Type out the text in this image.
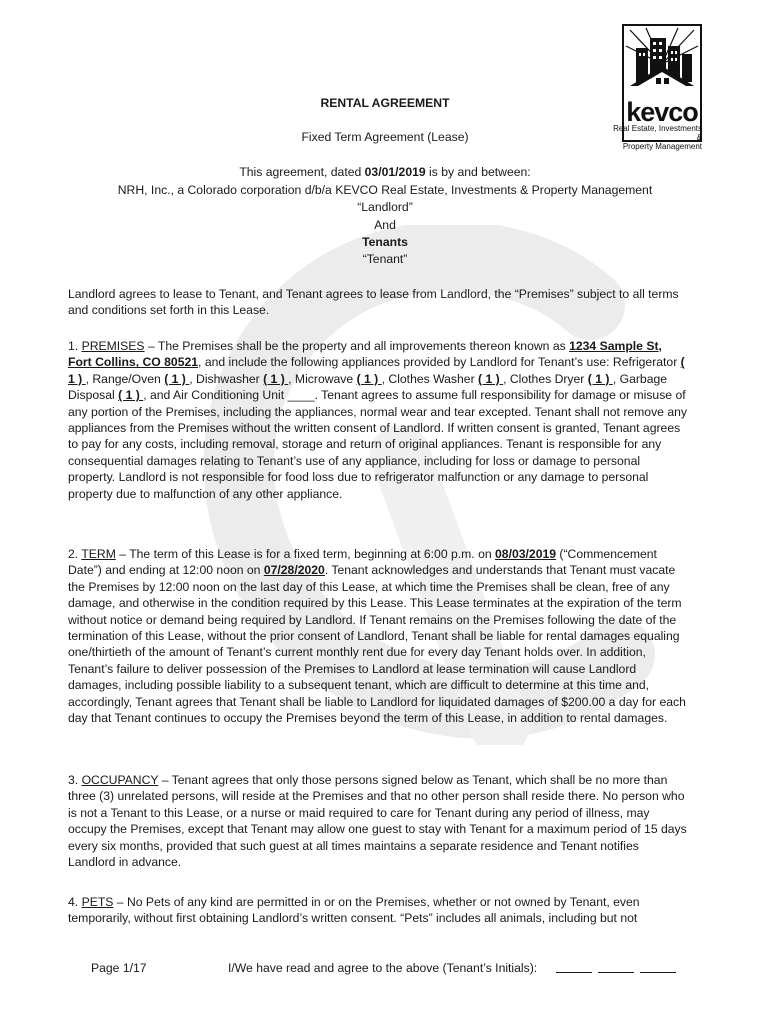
kevco
Real Estate, Investments &
Property Management
RENTAL AGREEMENT
Fixed Term Agreement (Lease)
This agreement, dated 03/01/2019 is by and between:
NRH, Inc., a Colorado corporation d/b/a KEVCO Real Estate, Investments & Property Management
“Landlord”
And
Tenants
“Tenant”

Landlord agrees to lease to Tenant, and Tenant agrees to lease from Landlord, the “Premises” subject to all terms and conditions set forth in this Lease.

1. PREMISES – The Premises shall be the property and all improvements thereon known as 1234 Sample St, Fort Collins, CO 80521, and include the following appliances provided by Landlord for Tenant’s use: Refrigerator ( 1 ) , Range/Oven ( 1 ) , Dishwasher ( 1 ) , Microwave ( 1 ) , Clothes Washer ( 1 ) , Clothes Dryer ( 1 ) , Garbage Disposal ( 1 ) , and Air Conditioning Unit ____. Tenant agrees to assume full responsibility for damage or misuse of any portion of the Premises, including the appliances, normal wear and tear excepted. Tenant shall not remove any appliances from the Premises without the written consent of Landlord. If written consent is granted, Tenant agrees to pay for any costs, including removal, storage and return of original appliances. Tenant is responsible for any consequential damages relating to Tenant’s use of any appliance, including for loss or damage to personal property. Landlord is not responsible for food loss due to refrigerator malfunction or any damage to personal property due to malfunction of any other appliance.

2. TERM – The term of this Lease is for a fixed term, beginning at 6:00 p.m. on 08/03/2019 (“Commencement Date”) and ending at 12:00 noon on 07/28/2020. Tenant acknowledges and understands that Tenant must vacate the Premises by 12:00 noon on the last day of this Lease, at which time the Premises shall be clean, free of any damage, and otherwise in the condition required by this Lease. This Lease terminates at the expiration of the term without notice or demand being required by Landlord. If Tenant remains on the Premises following the date of the termination of this Lease, without the prior consent of Landlord, Tenant shall be liable for rental damages equaling one/thirtieth of the amount of Tenant’s current monthly rent due for every day Tenant holds over. In addition, Tenant’s failure to deliver possession of the Premises to Landlord at lease termination will cause Landlord damages, including possible liability to a subsequent tenant, which are difficult to determine at this time and, accordingly, Tenant agrees that Tenant shall be liable to Landlord for liquidated damages of $200.00 a day for each day that Tenant continues to occupy the Premises beyond the term of this Lease, in addition to rental damages.

3. OCCUPANCY – Tenant agrees that only those persons signed below as Tenant, which shall be no more than three (3) unrelated persons, will reside at the Premises and that no other person shall reside there. No person who is not a Tenant to this Lease, or a nurse or maid required to care for Tenant during any period of illness, may occupy the Premises, except that Tenant may allow one guest to stay with Tenant for a maximum period of 15 days every six months, provided that such guest at all times maintains a separate residence and Tenant notifies Landlord in advance.

4. PETS – No Pets of any kind are permitted in or on the Premises, whether or not owned by Tenant, even temporarily, without first obtaining Landlord’s written consent. “Pets” includes all animals, including but not

Page 1/17	I/We have read and agree to the above (Tenant’s Initials):
